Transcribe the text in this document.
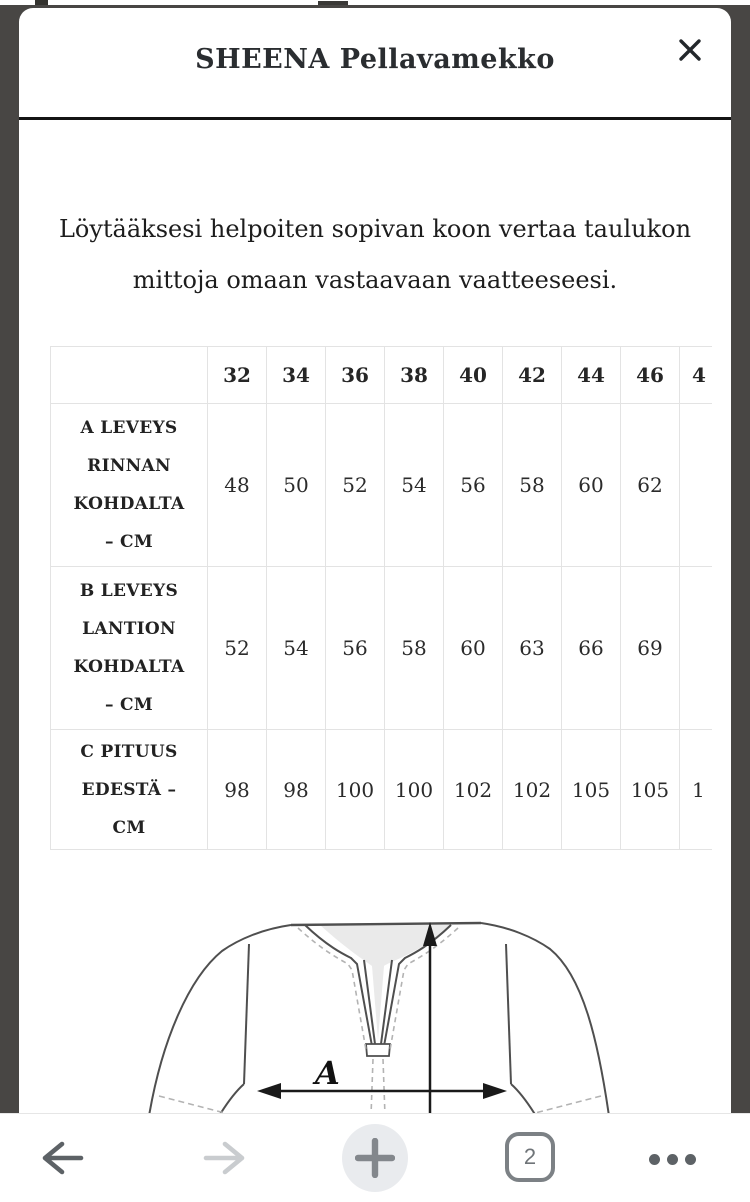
SHEENA Pellavamekko
Löytääksesi helpoiten sopivan koon vertaa taulukon
mittoja omaan vastaavaan vaatteeseesi.
	32	34	36	38	40	42	44	46	4

A LEVEYS
RINNAN
KOHDALTA
– CM	48	50	52	54	56	58	60	62	

B LEVEYS
LANTION
KOHDALTA
– CM	52	54	56	58	60	63	66	69	

C PITUUS
EDESTÄ –
CM	98	98	100	100	102	102	105	105	1
A
2
